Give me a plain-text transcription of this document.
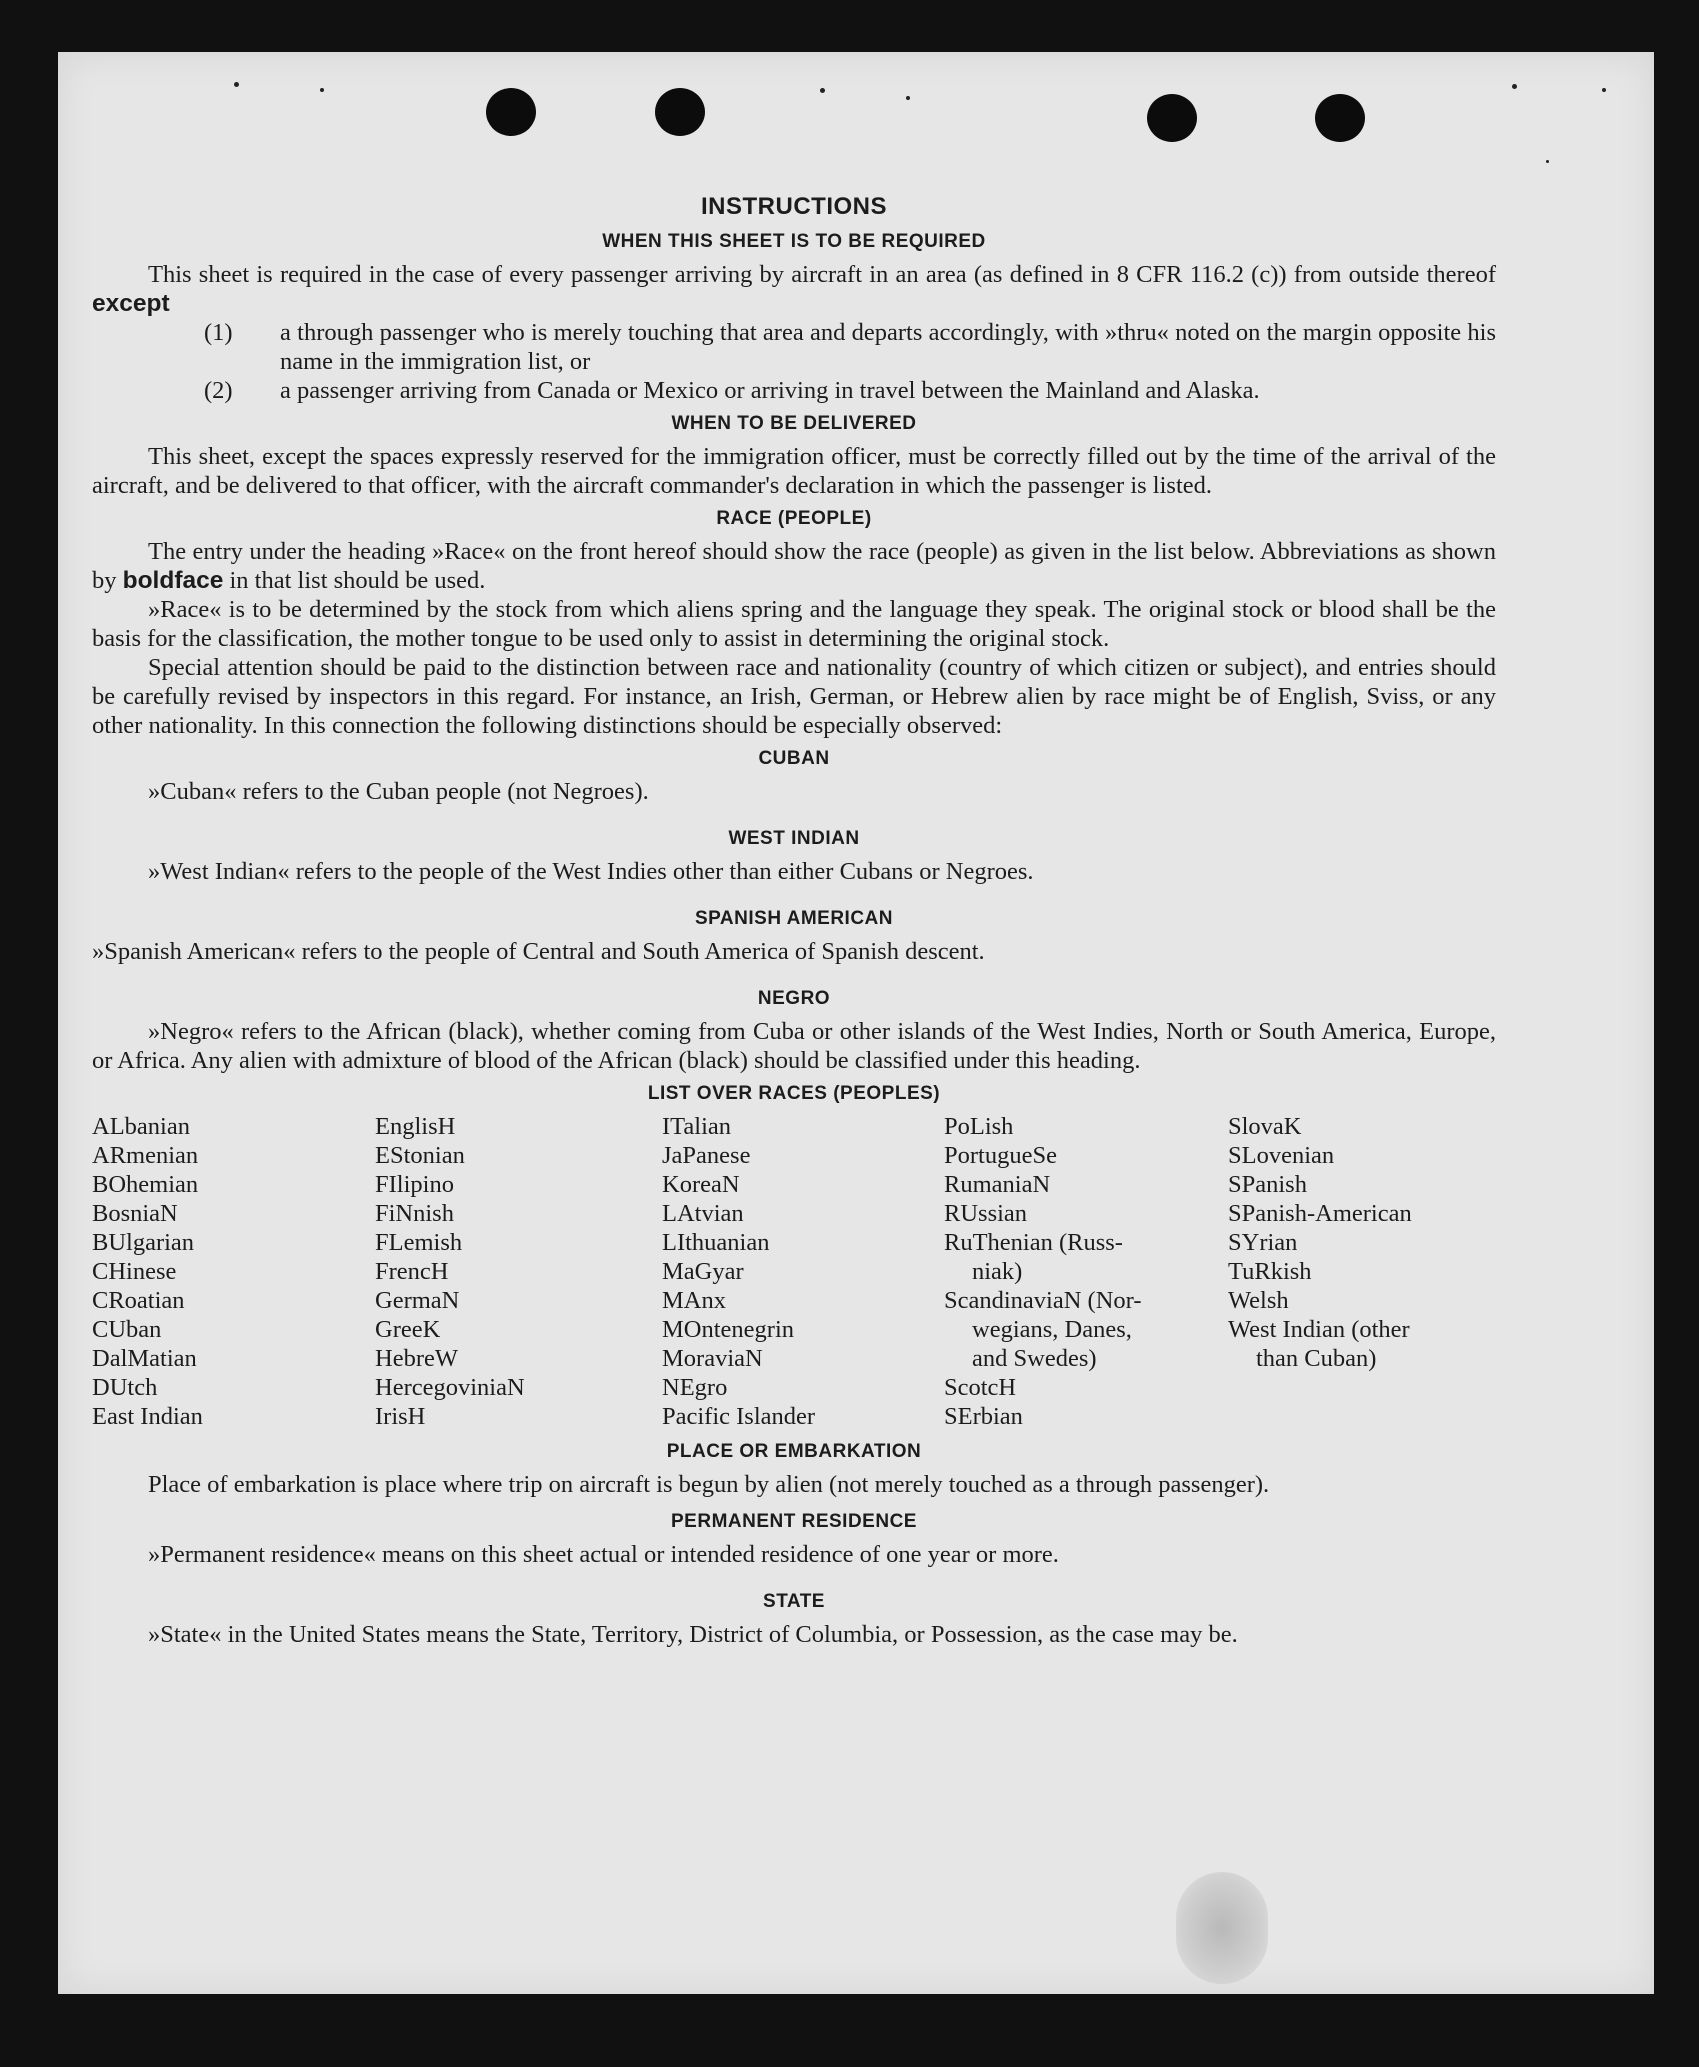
INSTRUCTIONS
WHEN THIS SHEET IS TO BE REQUIRED

This sheet is required in the case of every passenger arriving by aircraft in an area (as defined in 8 CFR 116.2 (c)) from outside thereof except

(1) a through passenger who is merely touching that area and departs accordingly, with »thru« noted on the margin opposite his name in the immigration list, or

(2) a passenger arriving from Canada or Mexico or arriving in travel between the Mainland and Alaska.

WHEN TO BE DELIVERED

This sheet, except the spaces expressly reserved for the immigration officer, must be correctly filled out by the time of the arrival of the aircraft, and be delivered to that officer, with the aircraft commander's declaration in which the passenger is listed.

RACE (PEOPLE)

The entry under the heading »Race« on the front hereof should show the race (people) as given in the list below. Abbreviations as shown by boldface in that list should be used.

»Race« is to be determined by the stock from which aliens spring and the language they speak. The original stock or blood shall be the basis for the classification, the mother tongue to be used only to assist in determining the original stock.

Special attention should be paid to the distinction between race and nationality (country of which citizen or subject), and entries should be carefully revised by inspectors in this regard. For instance, an Irish, German, or Hebrew alien by race might be of English, Sviss, or any other nationality. In this connection the following distinctions should be especially observed:

CUBAN

»Cuban« refers to the Cuban people (not Negroes).

WEST INDIAN

»West Indian« refers to the people of the West Indies other than either Cubans or Negroes.

SPANISH AMERICAN

»Spanish American« refers to the people of Central and South America of Spanish descent.

NEGRO

»Negro« refers to the African (black), whether coming from Cuba or other islands of the West Indies, North or South America, Europe, or Africa. Any alien with admixture of blood of the African (black) should be classified under this heading.

LIST OVER RACES (PEOPLES)
ALbanian
ARmenian
BOhemian
BosniaN
BUlgarian
CHinese
CRoatian
CUban
DalMatian
DUtch
East Indian
EnglisH
EStonian
FIlipino
FiNnish
FLemish
FrencH
GermaN
GreeK
HebreW
HercegoviniaN
IrisH
ITalian
JaPanese
KoreaN
LAtvian
LIthuanian
MaGyar
MAnx
MOntenegrin
MoraviaN
NEgro
Pacific Islander
PoLish
PortugueSe
RumaniaN
RUssian
RuThenian (Russ-
niak)
ScandinaviaN (Nor-
wegians, Danes,
and Swedes)
ScotcH
SErbian
SlovaK
SLovenian
SPanish
SPanish-American
SYrian
TuRkish
Welsh
West Indian (other
than Cuban)
PLACE OR EMBARKATION

Place of embarkation is place where trip on aircraft is begun by alien (not merely touched as a through passenger).

PERMANENT RESIDENCE

»Permanent residence« means on this sheet actual or intended residence of one year or more.

STATE

»State« in the United States means the State, Territory, District of Columbia, or Possession, as the case may be.
